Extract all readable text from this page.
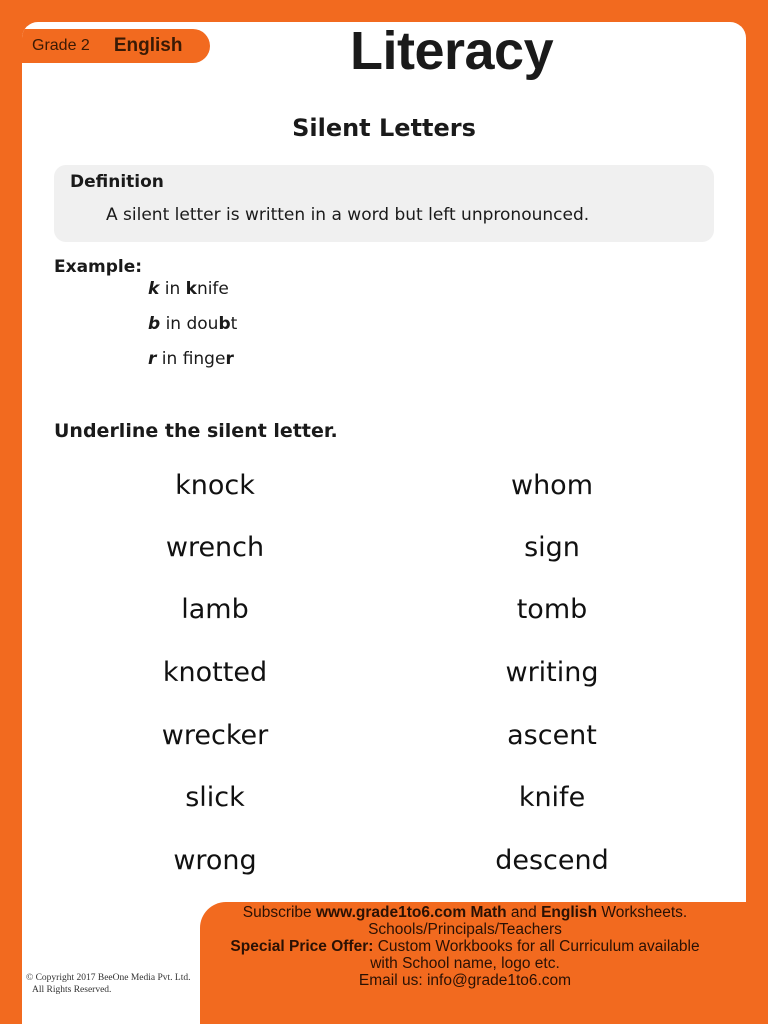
Grade 2 English	Literacy
Silent Letters
Definition
A silent letter is written in a word but left unpronounced.
Example:
k in knife
b in doubt
r in finger
Underline the silent letter.
knock
wrench
lamb
knotted
wrecker
slick
wrong
whom
sign
tomb
writing
ascent
knife
descend
© Copyright 2017 BeeOne Media Pvt. Ltd.
All Rights Reserved.
Subscribe www.grade1to6.com Math and English Worksheets.
Schools/Principals/Teachers
Special Price Offer: Custom Workbooks for all Curriculum available
with School name, logo etc.
Email us: info@grade1to6.com
